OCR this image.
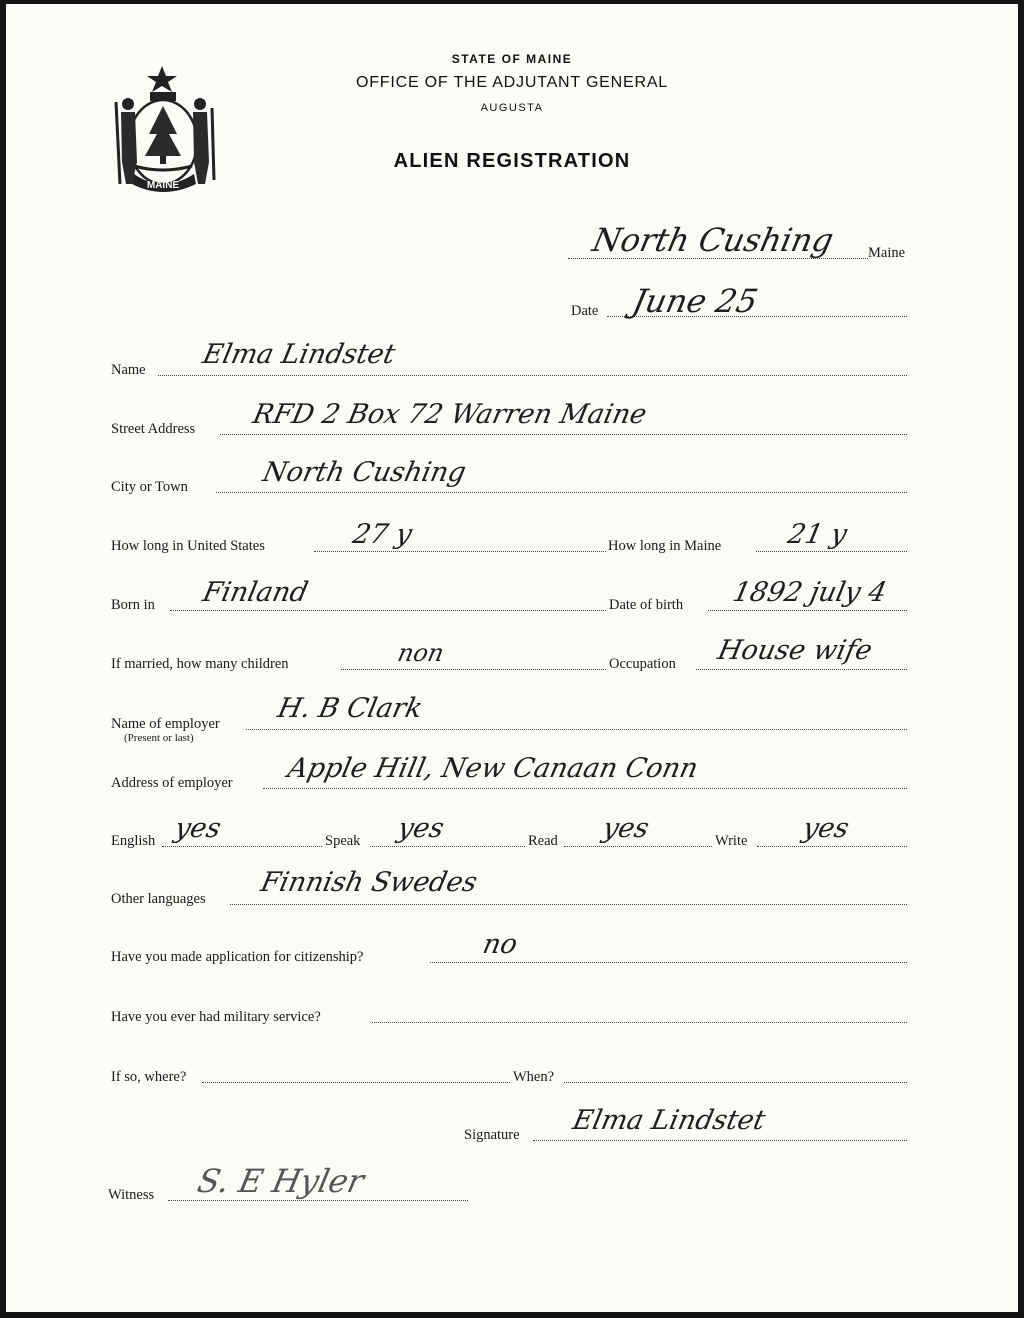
STATE OF MAINE
OFFICE OF THE ADJUTANT GENERAL
AUGUSTA
ALIEN REGISTRATION
MAINE
Maine
North Cushing
Date June 25
Name Elma Lindstet
Street Address RFD 2 Box 72 Warren Maine
City or Town	North Cushing
How long in United States	27 y	How long in Maine 21 y
Born in Finland	Date of birth 1892 july 4
If married, how many children	non	Occupation House wife
Name of employer
(Present or last)
H. B Clark
Address of employer Apple Hill, New Canaan Conn
English yes	Speak yes	Read yes	Write yes
Other languages
Finnish Swedes
Have you made application for citizenship?	no
Have you ever had military service?
If so, where?	When?
Signature Elma Lindstet
Witness S. E Hyler
